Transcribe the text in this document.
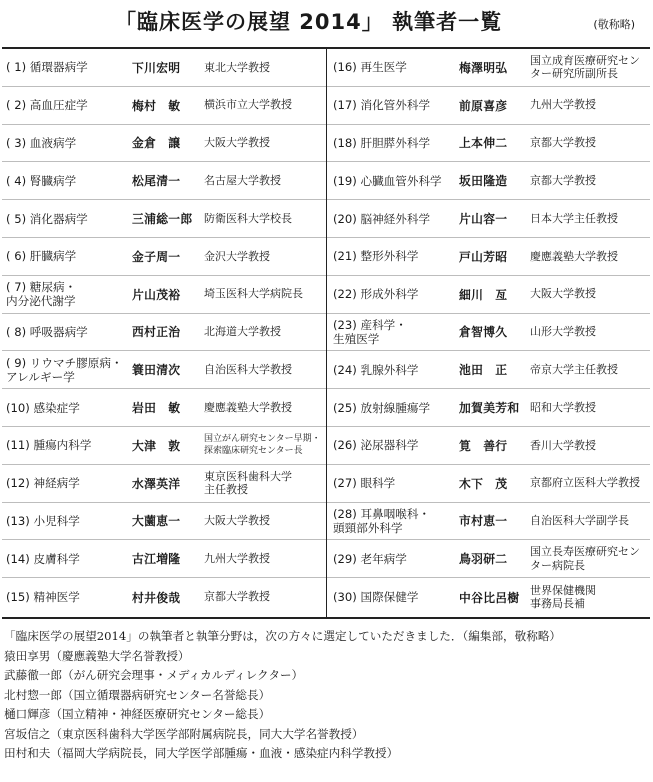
「臨床医学の展望 2014」 執筆者一覧	(敬称略)
( 1) 循環器病学	下川宏明	東北大学教授
( 2) 高血圧症学	梅村　敏	横浜市立大学教授
( 3) 血液病学	金倉　譲	大阪大学教授
( 4) 腎臓病学	松尾清一	名古屋大学教授
( 5) 消化器病学	三浦総一郎	防衛医科大学校長
( 6) 肝臓病学	金子周一	金沢大学教授
( 7) 糖尿病・
内分泌代謝学	片山茂裕	埼玉医科大学病院長
( 8) 呼吸器病学	西村正治	北海道大学教授
( 9) リウマチ膠原病・
アレルギー学	簑田清次	自治医科大学教授
(10) 感染症学	岩田　敏	慶應義塾大学教授
(11) 腫瘍内科学	大津　敦	国立がん研究センター早期・
探索臨床研究センター長
(12) 神経病学	水澤英洋
東京医科歯科大学
主任教授
(13) 小児科学	大薗恵一	大阪大学教授
(14) 皮膚科学	古江増隆	九州大学教授
(15) 精神医学	村井俊哉	京都大学教授
(16) 再生医学	梅澤明弘
国立成育医療研究セン
ター研究所副所長
(17) 消化管外科学	前原喜彦	九州大学教授
(18) 肝胆膵外科学	上本伸二	京都大学教授
(19) 心臓血管外科学	坂田隆造	京都大学教授
(20) 脳神経外科学	片山容一	日本大学主任教授
(21) 整形外科学	戸山芳昭	慶應義塾大学教授
(22) 形成外科学	細川　亙	大阪大学教授
(23) 産科学・
生殖医学	倉智博久	山形大学教授
(24) 乳腺外科学	池田　正	帝京大学主任教授
(25) 放射線腫瘍学	加賀美芳和 昭和大学教授
(26) 泌尿器科学	筧　善行	香川大学教授
(27) 眼科学	木下　茂	京都府立医科大学教授
(28) 耳鼻咽喉科・
頭頸部外科学	市村恵一	自治医科大学副学長
(29) 老年病学	鳥羽研二
国立長寿医療研究セン
ター病院長
(30) 国際保健学	中谷比呂樹
世界保健機関
事務局長補
「臨床医学の展望2014」の執筆者と執筆分野は，次の方々に選定していただきました．（編集部，敬称略）
猿田享男（慶應義塾大学名誉教授）
武藤徹一郎（がん研究会理事・メディカルディレクター）
北村惣一郎（国立循環器病研究センター名誉総長）
樋口輝彦（国立精神・神経医療研究センター総長）
宮坂信之（東京医科歯科大学医学部附属病院長，同大大学名誉教授）
田村和夫（福岡大学病院長，同大学医学部腫瘍・血液・感染症内科学教授）
